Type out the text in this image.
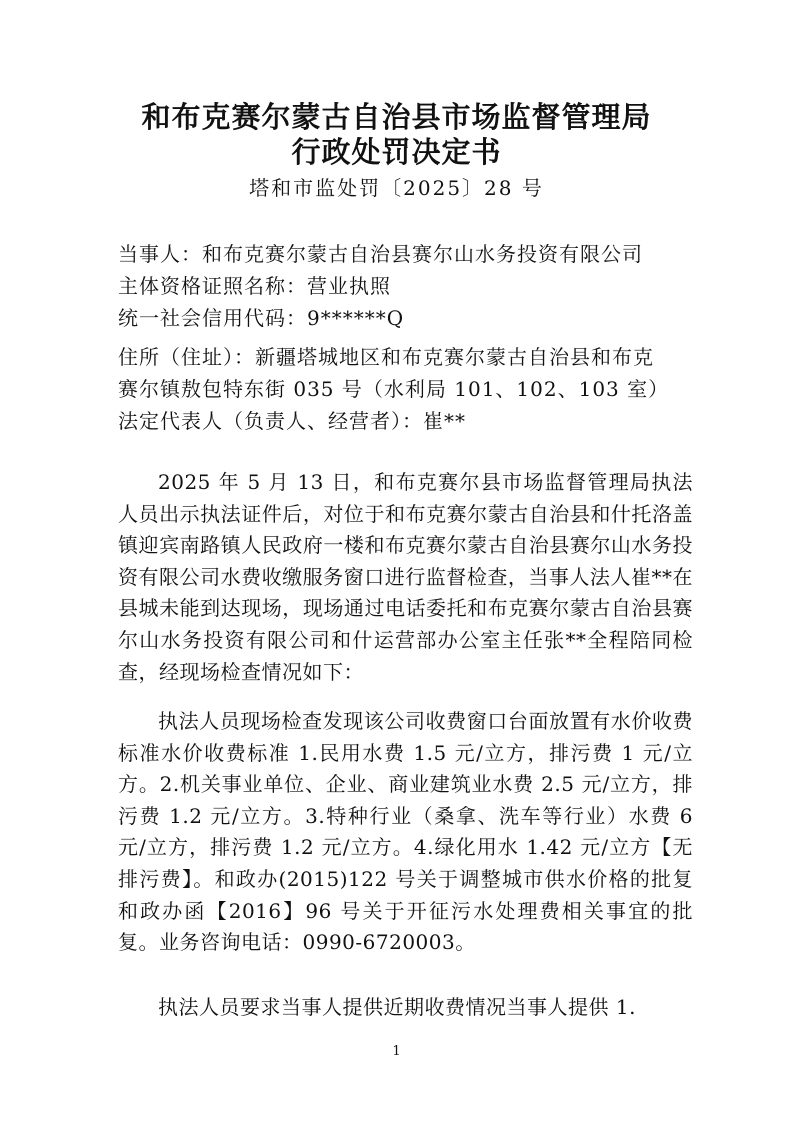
和布克赛尔蒙古自治县市场监督管理局
行政处罚决定书
塔和市监处罚〔2025〕28 号
当事人：和布克赛尔蒙古自治县赛尔山水务投资有限公司
主体资格证照名称：营业执照
统一社会信用代码：9******Q
住所（住址）：新疆塔城地区和布克赛尔蒙古自治县和布克
赛尔镇敖包特东街 035 号（水利局 101、102、103 室）
法定代表人（负责人、经营者）：崔**
2025 年 5 月 13 日，和布克赛尔县市场监督管理局执法人员出示执法证件后，对位于和布克赛尔蒙古自治县和什托洛盖镇迎宾南路镇人民政府一楼和布克赛尔蒙古自治县赛尔山水务投资有限公司水费收缴服务窗口进行监督检查，当事人法人崔**在县城未能到达现场，现场通过电话委托和布克赛尔蒙古自治县赛尔山水务投资有限公司和什运营部办公室主任张**全程陪同检查，经现场检查情况如下：
执法人员现场检查发现该公司收费窗口台面放置有水价收费标准水价收费标准 1.民用水费 1.5 元/立方，排污费 1 元/立方。2.机关事业单位、企业、商业建筑业水费 2.5 元/立方，排污费 1.2 元/立方。3.特种行业（桑拿、洗车等行业）水费 6 元/立方，排污费 1.2 元/立方。4.绿化用水 1.42 元/立方【无排污费】。和政办(2015)122 号关于调整城市供水价格的批复和政办函【2016】96 号关于开征污水处理费相关事宜的批复。业务咨询电话：0990-6720003。
执法人员要求当事人提供近期收费情况当事人提供 1.
1
